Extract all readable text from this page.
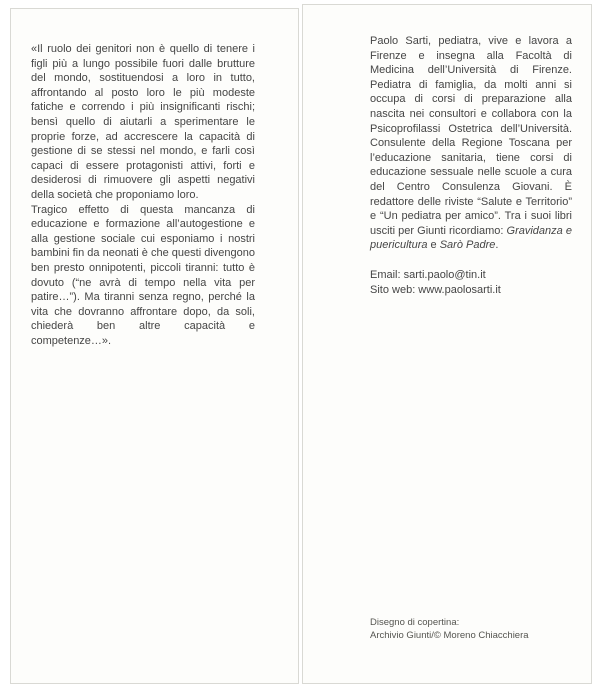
«Il ruolo dei genitori non è quello di tenere i figli più a lungo possibile fuori dalle brutture del mondo, sostituendosi a loro in tutto, affrontando al posto loro le più modeste fatiche e correndo i più insignificanti rischi; bensì quello di aiutarli a sperimentare le proprie forze, ad accrescere la capacità di gestione di se stessi nel mondo, e farli così capaci di essere protagonisti attivi, forti e desiderosi di rimuovere gli aspetti negativi della società che proponiamo loro.

Tragico effetto di questa mancanza di educazione e formazione all’autogestione e alla gestione sociale cui esponiamo i nostri bambini fin da neonati è che questi divengono ben presto onnipotenti, piccoli tiranni: tutto è dovuto (“ne avrà di tempo nella vita per patire…”). Ma tiranni senza regno, perché la vita che dovranno affrontare dopo, da soli, chiederà ben altre capacità e competenze…».

Paolo Sarti, pediatra, vive e lavora a Firenze e insegna alla Facoltà di Medicina dell’Università di Firenze. Pediatra di famiglia, da molti anni si occupa di corsi di preparazione alla nascita nei consultori e collabora con la Psicoprofilassi Ostetrica dell’Università. Consulente della Regione Toscana per l’educazione sanitaria, tiene corsi di educazione sessuale nelle scuole a cura del Centro Consulenza Giovani. È redattore delle riviste “Salute e Territorio” e “Un pediatra per amico”. Tra i suoi libri usciti per Giunti ricordiamo: Gravidanza e puericultura e Sarò Padre.

Email: sarti.paolo@tin.it
Sito web: www.paolosarti.it

Disegno di copertina:
Archivio Giunti/© Moreno Chiacchiera
